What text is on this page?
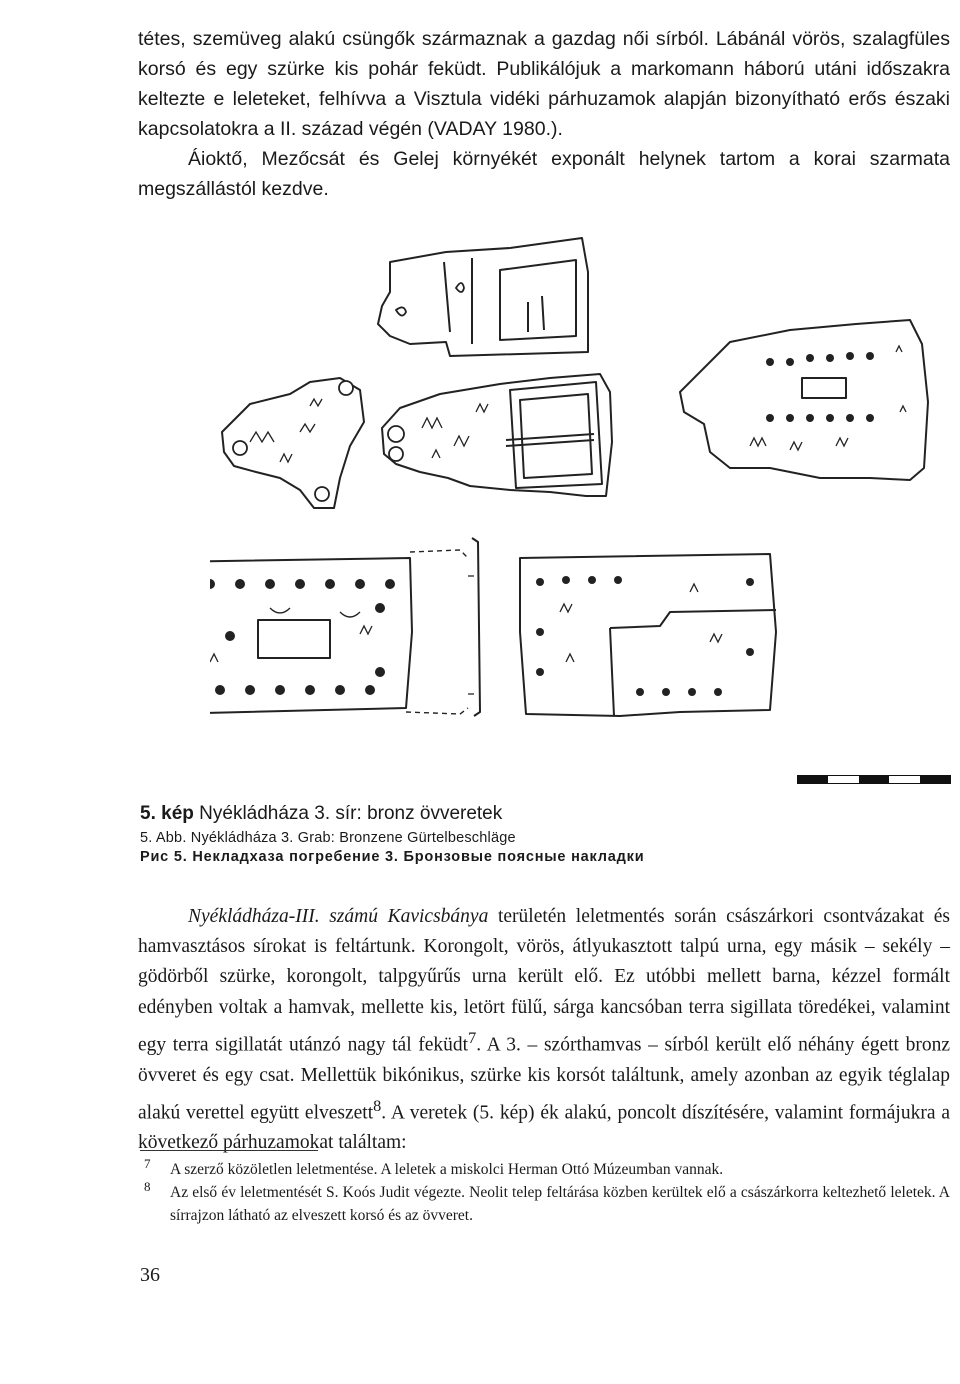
tétes, szemüveg alakú csüngők származnak a gazdag női sírból. Lábánál vörös, szalagfüles korsó és egy szürke kis pohár feküdt. Publikálójuk a markomann háború utáni időszakra keltezte e leleteket, felhívva a Visztula vidéki párhuzamok alapján bizonyítható erős északi kapcsolatokra a II. század végén (VADAY 1980.).

Áioktő, Mezőcsát és Gelej környékét exponált helynek tartom a korai szarmata megszállástól kezdve.

5. kép Nyékládháza 3. sír: bronz övveretek

5. Abb. Nyékládháza 3. Grab: Bronzene Gürtelbeschläge

Рис 5. Некладхаза погребение 3. Бронзовые поясные накладки

Nyékládháza-III. számú Kavicsbánya területén leletmentés során császárkori csontvázakat és hamvasztásos sírokat is feltártunk. Korongolt, vörös, átlyukasztott talpú urna, egy másik – sekély – gödörből szürke, korongolt, talpgyűrűs urna került elő. Ez utóbbi mellett barna, kézzel formált edényben voltak a hamvak, mellette kis, letört fülű, sárga kancsóban terra sigillata töredékei, valamint egy terra sigillatát utánzó nagy tál feküdt$^7$. A 3. – szórthamvas – sírból került elő néhány égett bronz övveret és egy csat. Mellettük bikónikus, szürke kis korsót találtunk, amely azonban az egyik téglalap alakú verettel együtt elveszett$^8$. A veretek (5. kép) ék alakú, poncolt díszítésére, valamint formájukra a következő párhuzamokat találtam:

7 A szerző közöletlen leletmentése. A leletek a miskolci Herman Ottó Múzeumban vannak.

8 Az első év leletmentését S. Koós Judit végezte. Neolit telep feltárása közben kerültek elő a császárkorra keltezhető leletek. A sírrajzon látható az elveszett korsó és az övveret.

36
